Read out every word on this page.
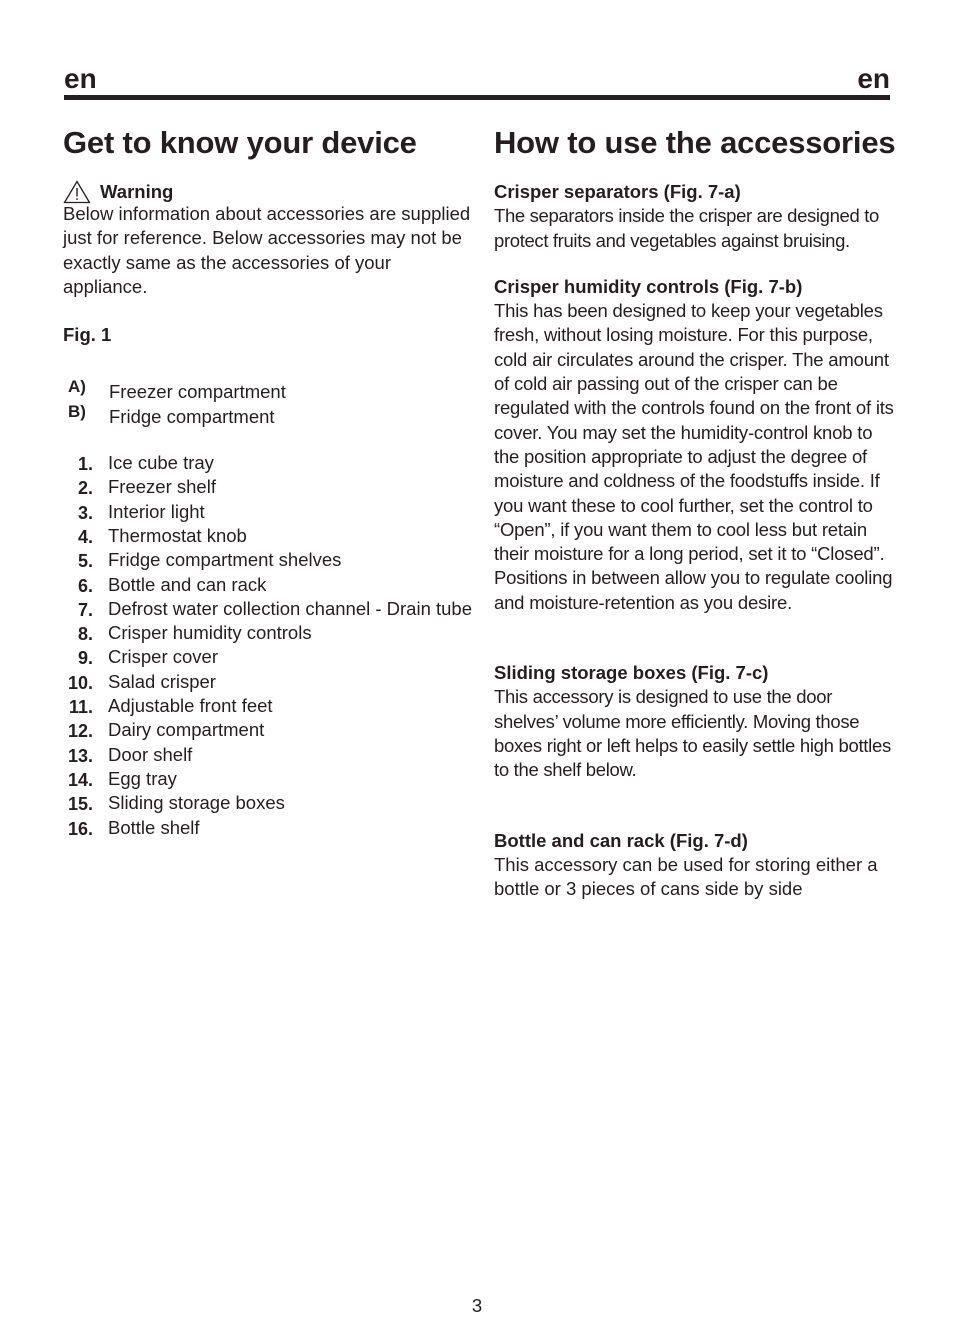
en	en
Get to know your device
Warning
Below information about accessories are supplied just for reference. Below accessories may not be exactly same as the accessories of your appliance.
Fig. 1
A)	Freezer compartment
B)	Fridge compartment
1. Ice cube tray
2. Freezer shelf
3. Interior light
4. Thermostat knob
5. Fridge compartment shelves
6. Bottle and can rack
7. Defrost water collection channel - Drain tube
8. Crisper humidity controls
9. Crisper cover
10. Salad crisper
11. Adjustable front feet
12. Dairy compartment
13. Door shelf
14. Egg tray
15. Sliding storage boxes
16. Bottle shelf
How to use the accessories
Crisper separators (Fig. 7-a)
The separators inside the crisper are designed to protect fruits and vegetables against bruising.
Crisper humidity controls (Fig. 7-b)
This has been designed to keep your vegetables fresh, without losing moisture. For this purpose, cold air circulates around the crisper. The amount of cold air passing out of the crisper can be regulated with the controls found on the front of its cover. You may set the humidity-control knob to the position appropriate to adjust the degree of moisture and coldness of the foodstuffs inside. If you want these to cool further, set the control to “Open”, if you want them to cool less but retain their moisture for a long period, set it to “Closed”. Positions in between allow you to regulate cooling and moisture-retention as you desire.
Sliding storage boxes (Fig. 7-c)
This accessory is designed to use the door shelves’ volume more efficiently. Moving those boxes right or left helps to easily settle high bottles to the shelf below.
Bottle and can rack (Fig. 7-d)
This accessory can be used for storing either a bottle or 3 pieces of cans side by side
3
